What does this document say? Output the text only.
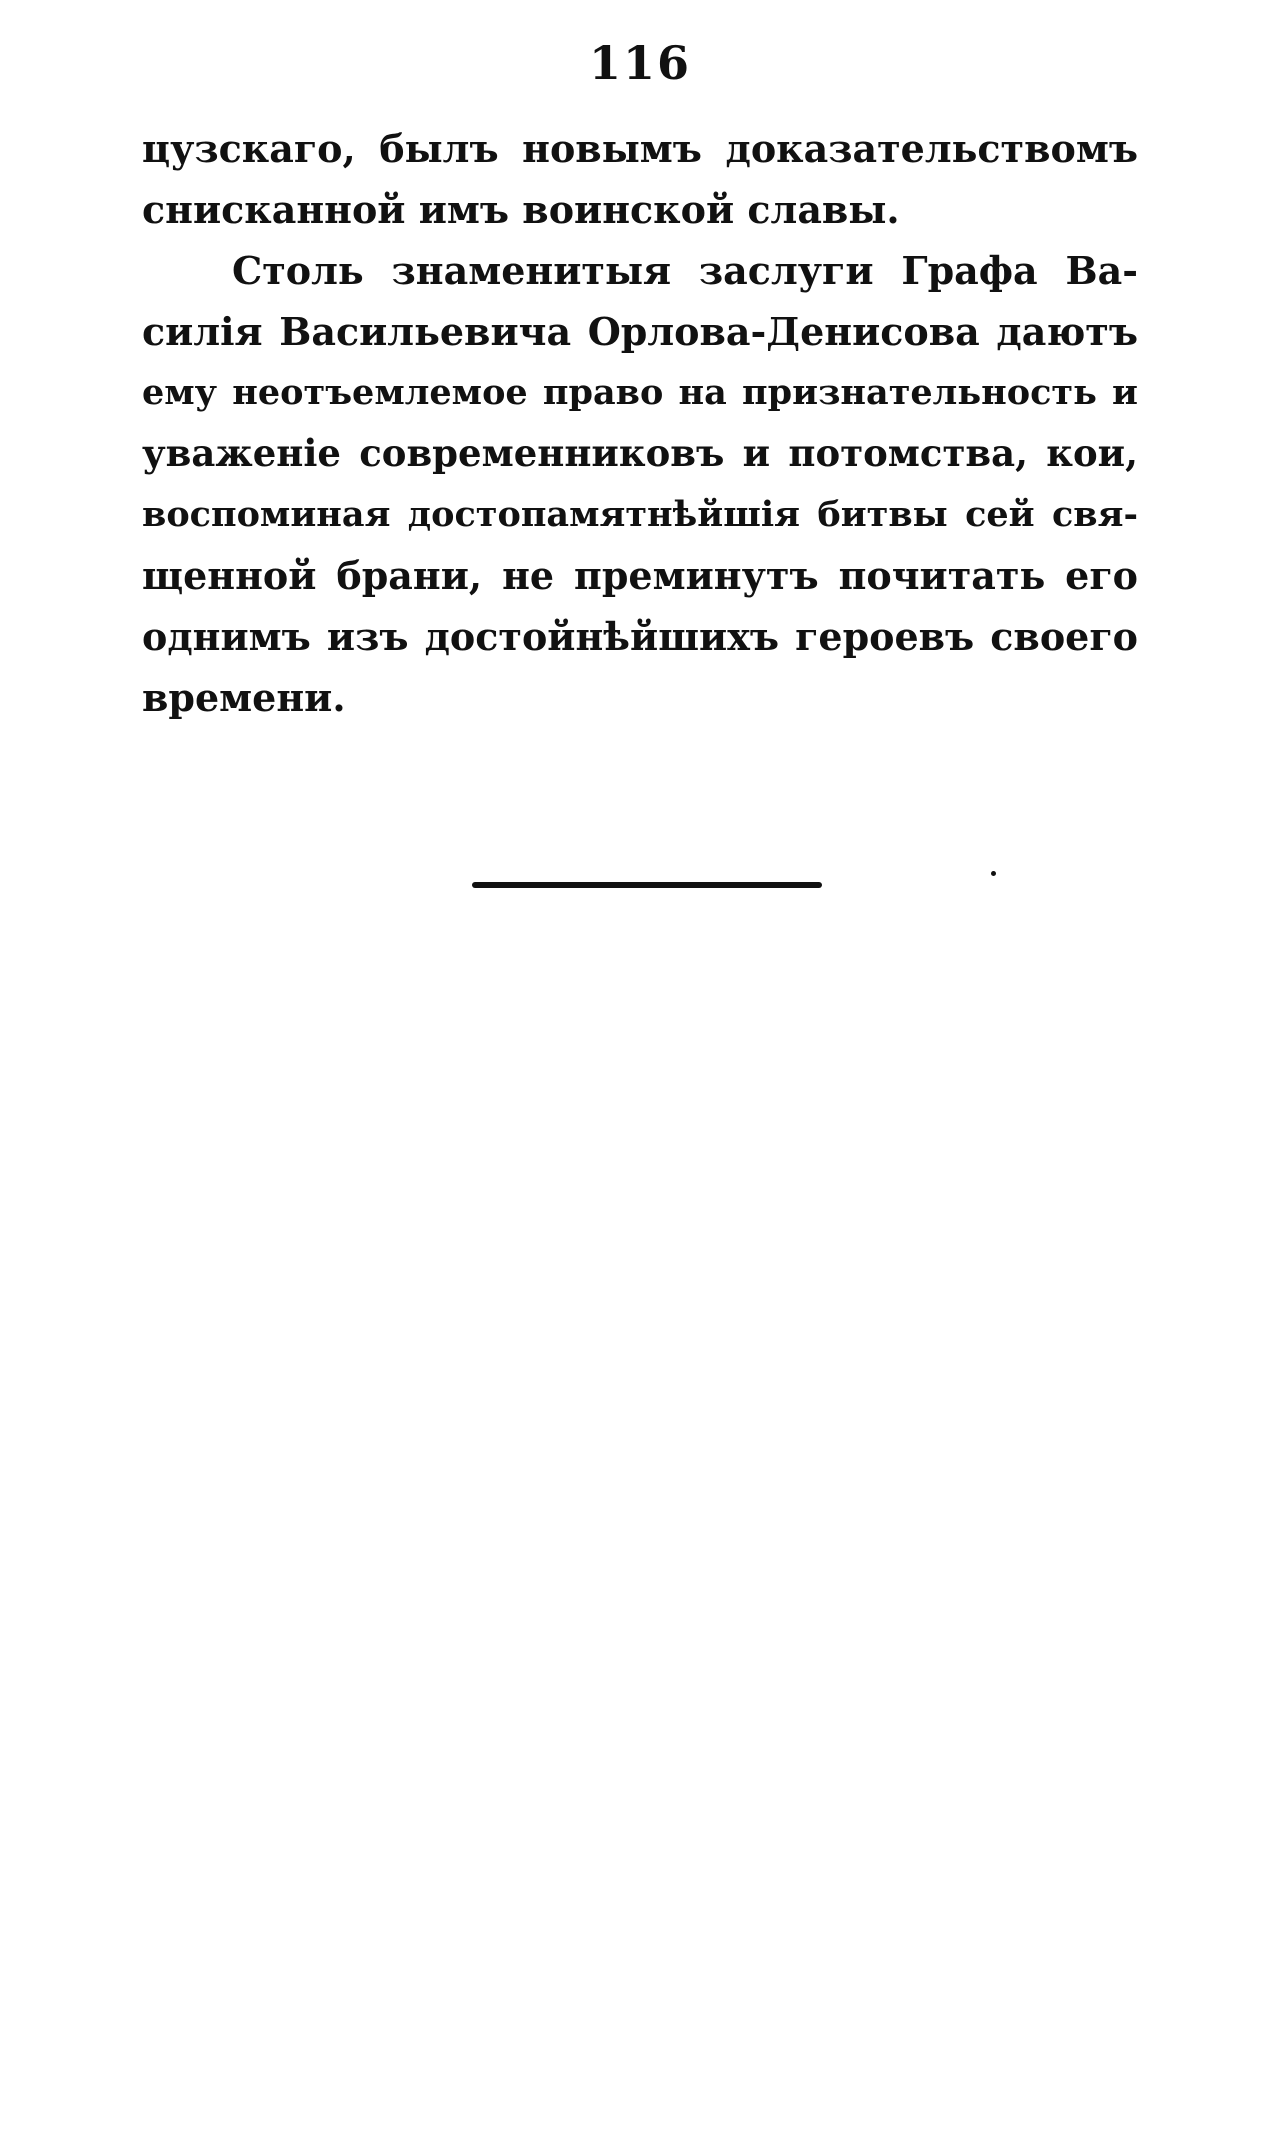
116
цузскаго, былъ новымъ доказательствомъ
снисканной имъ воинской славы.
Столь знаменитыя заслуги Графа Ва-
силія Васильевича Орлова-Денисова даютъ
ему неотъемлемое право на признательность и
уваженіе современниковъ и потомства, кои,
воспоминая достопамятнѣйшія битвы сей свя-
щенной брани, не преминутъ почитать его
однимъ изъ достойнѣйшихъ героевъ своего
времени.
